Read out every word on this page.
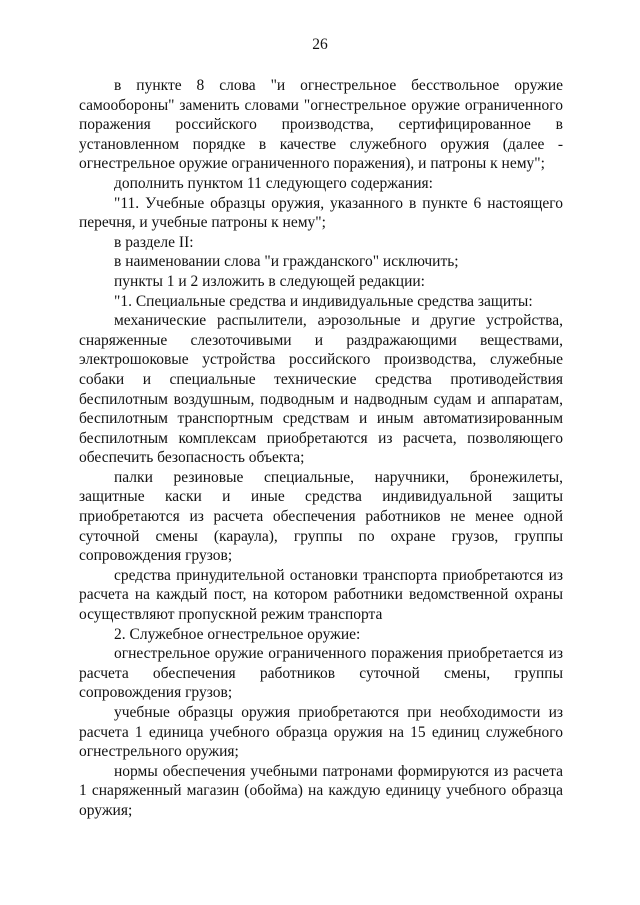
26

в пункте 8 слова "и огнестрельное бесствольное оружие самообороны" заменить словами "огнестрельное оружие ограниченного поражения российского производства, сертифицированное в установленном порядке в качестве служебного оружия (далее - огнестрельное оружие ограниченного поражения), и патроны к нему";

дополнить пунктом 11 следующего содержания:

"11. Учебные образцы оружия, указанного в пункте 6 настоящего перечня, и учебные патроны к нему";

в разделе II:

в наименовании слова "и гражданского" исключить;

пункты 1 и 2 изложить в следующей редакции:

"1. Специальные средства и индивидуальные средства защиты:

механические распылители, аэрозольные и другие устройства, снаряженные слезоточивыми и раздражающими веществами, электрошоковые устройства российского производства, служебные собаки и специальные технические средства противодействия беспилотным воздушным, подводным и надводным судам и аппаратам, беспилотным транспортным средствам и иным автоматизированным беспилотным комплексам приобретаются из расчета, позволяющего обеспечить безопасность объекта;

палки резиновые специальные, наручники, бронежилеты, защитные каски и иные средства индивидуальной защиты приобретаются из расчета обеспечения работников не менее одной суточной смены (караула), группы по охране грузов, группы сопровождения грузов;

средства принудительной остановки транспорта приобретаются из расчета на каждый пост, на котором работники ведомственной охраны осуществляют пропускной режим транспорта

2. Служебное огнестрельное оружие:

огнестрельное оружие ограниченного поражения приобретается из расчета обеспечения работников суточной смены, группы сопровождения грузов;

учебные образцы оружия приобретаются при необходимости из расчета 1 единица учебного образца оружия на 15 единиц служебного огнестрельного оружия;

нормы обеспечения учебными патронами формируются из расчета 1 снаряженный магазин (обойма) на каждую единицу учебного образца оружия;
